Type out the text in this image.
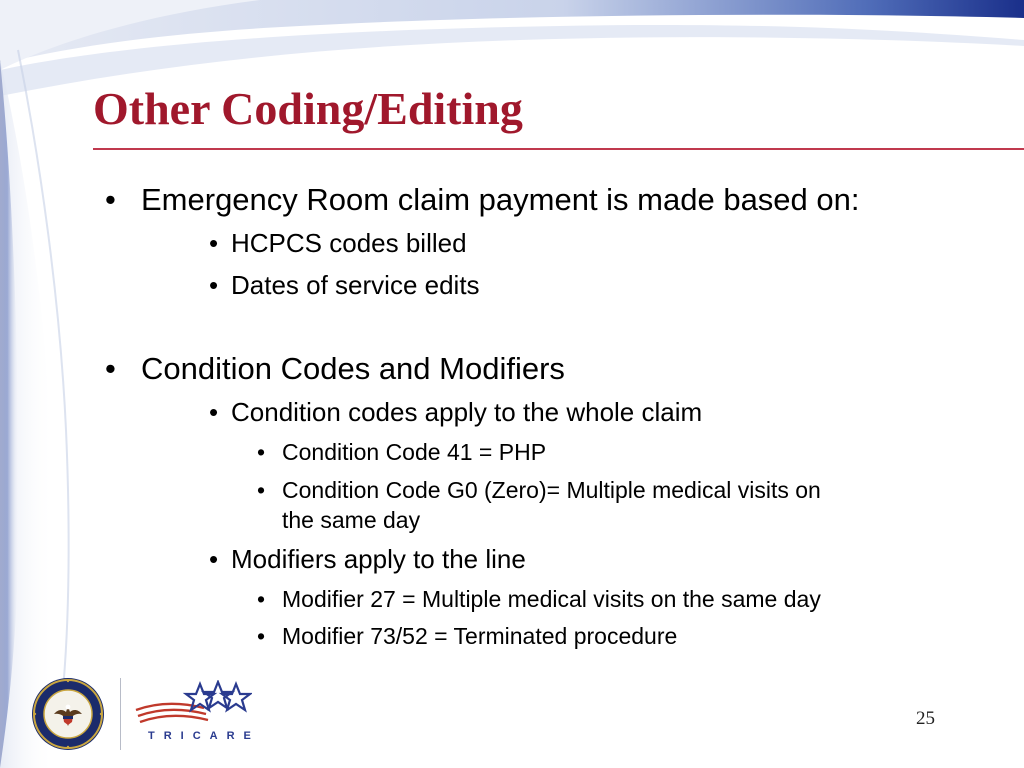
Other Coding/Editing
• Emergency Room claim payment is made based on:
• HCPCS codes billed
• Dates of service edits
• Condition Codes and Modifiers
• Condition codes apply to the whole claim
• Condition Code 41 = PHP
• Condition Code G0 (Zero)= Multiple medical visits on
the same day
• Modifiers apply to the line
• Modifier 27 = Multiple medical visits on the same day
• Modifier 73/52 = Terminated procedure
TRICARE
25
